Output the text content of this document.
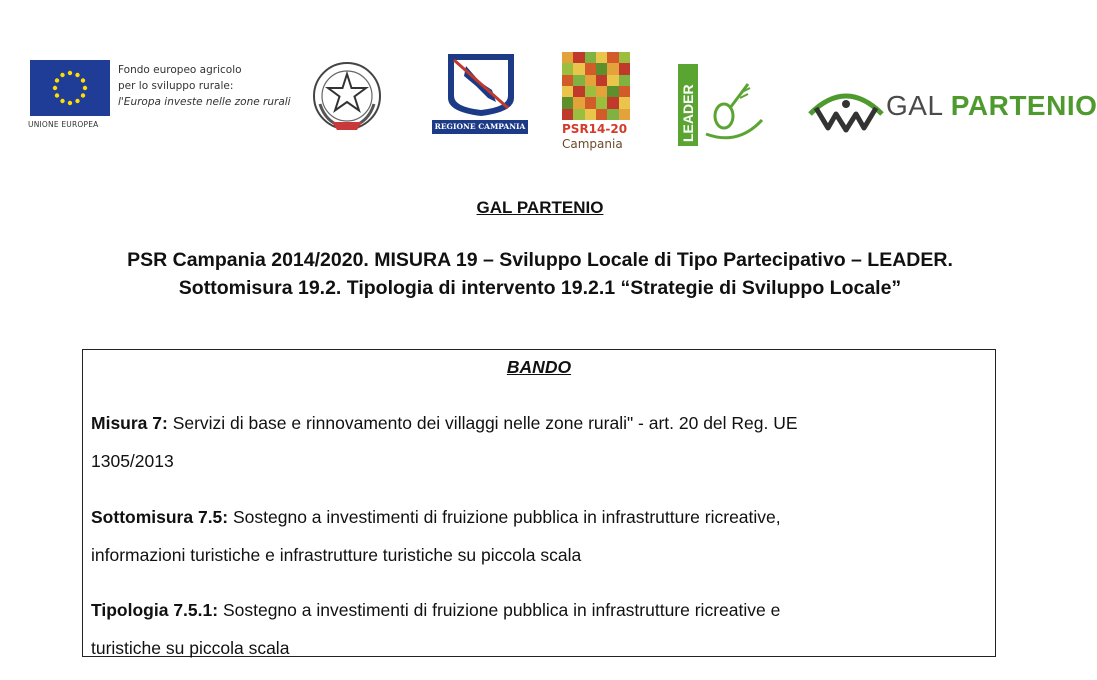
UNIONE EUROPEA
Fondo europeo agricolo
per lo sviluppo rurale:
l'Europa investe nelle zone rurali
REGIONE CAMPANIA	PSR14-20
Campania
LEADER	GAL PARTENIO
GAL PARTENIO
PSR Campania 2014/2020. MISURA 19 – Sviluppo Locale di Tipo Partecipativo – LEADER.
Sottomisura 19.2. Tipologia di intervento 19.2.1 “Strategie di Sviluppo Locale”
BANDO
Misura 7: Servizi di base e rinnovamento dei villaggi nelle zone rurali" - art. 20 del Reg. UE
1305/2013
Sottomisura 7.5: Sostegno a investimenti di fruizione pubblica in infrastrutture ricreative,
informazioni turistiche e infrastrutture turistiche su piccola scala
Tipologia 7.5.1: Sostegno a investimenti di fruizione pubblica in infrastrutture ricreative e
turistiche su piccola scala
